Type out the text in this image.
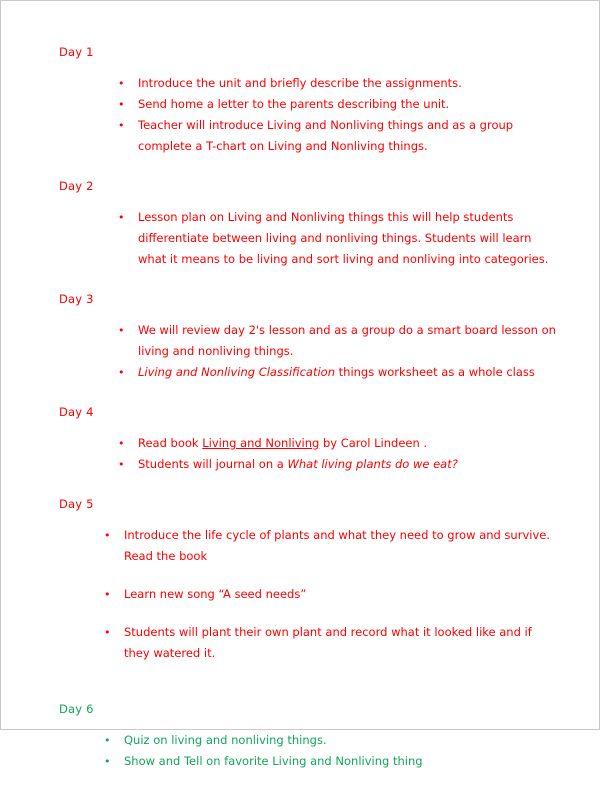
Day 1

• Introduce the unit and briefly describe the assignments.
• Send home a letter to the parents describing the unit.
• Teacher will introduce Living and Nonliving things and as a group complete a T-chart on Living and Nonliving things.

Day 2

• Lesson plan on Living and Nonliving things this will help students differentiate between living and nonliving things. Students will learn what it means to be living and sort living and nonliving into categories.

Day 3

• We will review day 2's lesson and as a group do a smart board lesson on living and nonliving things.
• Living and Nonliving Classification things worksheet as a whole class

Day 4

• Read book Living and Nonliving by Carol Lindeen .
• Students will journal on a What living plants do we eat?

Day 5

• Introduce the life cycle of plants and what they need to grow and survive. Read the book
• Learn new song “A seed needs”
• Students will plant their own plant and record what it looked like and if they watered it.

Day 6

• Quiz on living and nonliving things.
• Show and Tell on favorite Living and Nonliving thing
